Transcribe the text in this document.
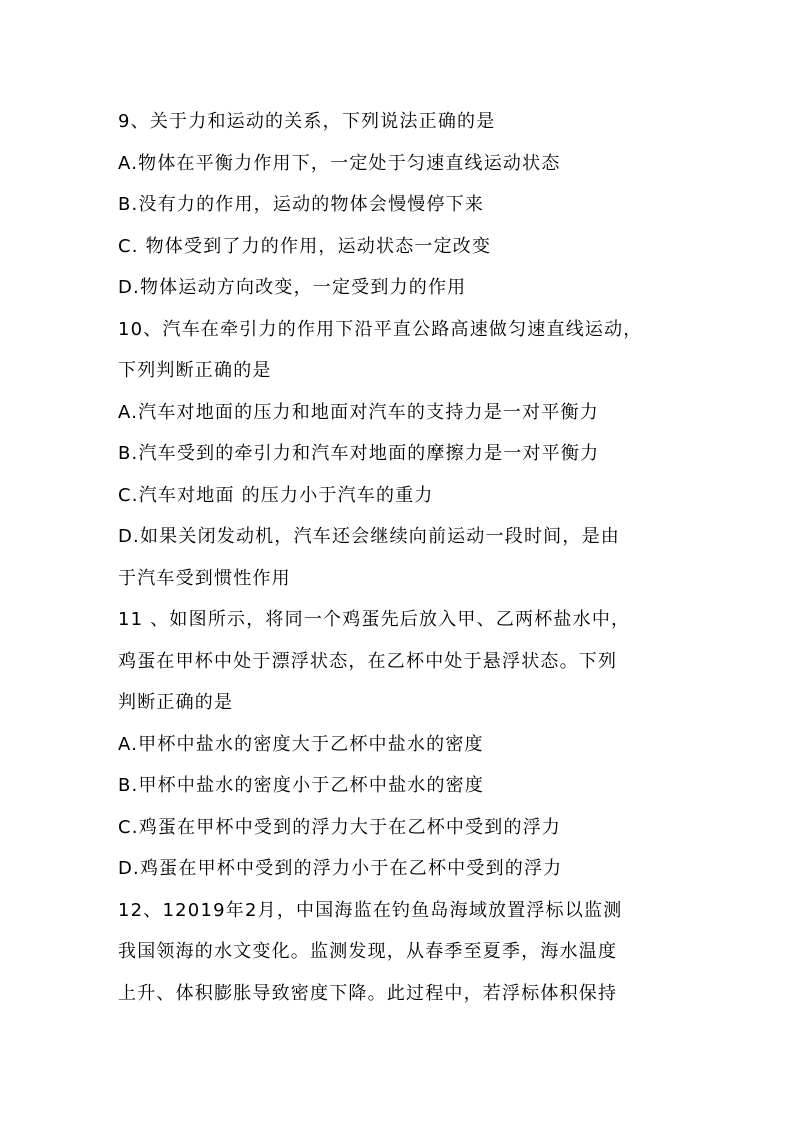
9、关于力和运动的关系，下列说法正确的是
A.物体在平衡力作用下，一定处于匀速直线运动状态
B.没有力的作用，运动的物体会慢慢停下来
C. 物体受到了力的作用，运动状态一定改变
D.物体运动方向改变，一定受到力的作用
10、汽车在牵引力的作用下沿平直公路高速做匀速直线运动，
下列判断正确的是
A.汽车对地面的压力和地面对汽车的支持力是一对平衡力
B.汽车受到的牵引力和汽车对地面的摩擦力是一对平衡力
C.汽车对地面 的压力小于汽车的重力
D.如果关闭发动机，汽车还会继续向前运动一段时间，是由
于汽车受到惯性作用
11 、如图所示，将同一个鸡蛋先后放入甲、乙两杯盐水中，
鸡蛋在甲杯中处于漂浮状态，在乙杯中处于悬浮状态。下列
判断正确的是
A.甲杯中盐水的密度大于乙杯中盐水的密度
B.甲杯中盐水的密度小于乙杯中盐水的密度
C.鸡蛋在甲杯中受到的浮力大于在乙杯中受到的浮力
D.鸡蛋在甲杯中受到的浮力小于在乙杯中受到的浮力
12、12019年2月，中国海监在钓鱼岛海域放置浮标以监测
我国领海的水文变化。监测发现，从春季至夏季，海水温度
上升、体积膨胀导致密度下降。此过程中，若浮标体积保持
